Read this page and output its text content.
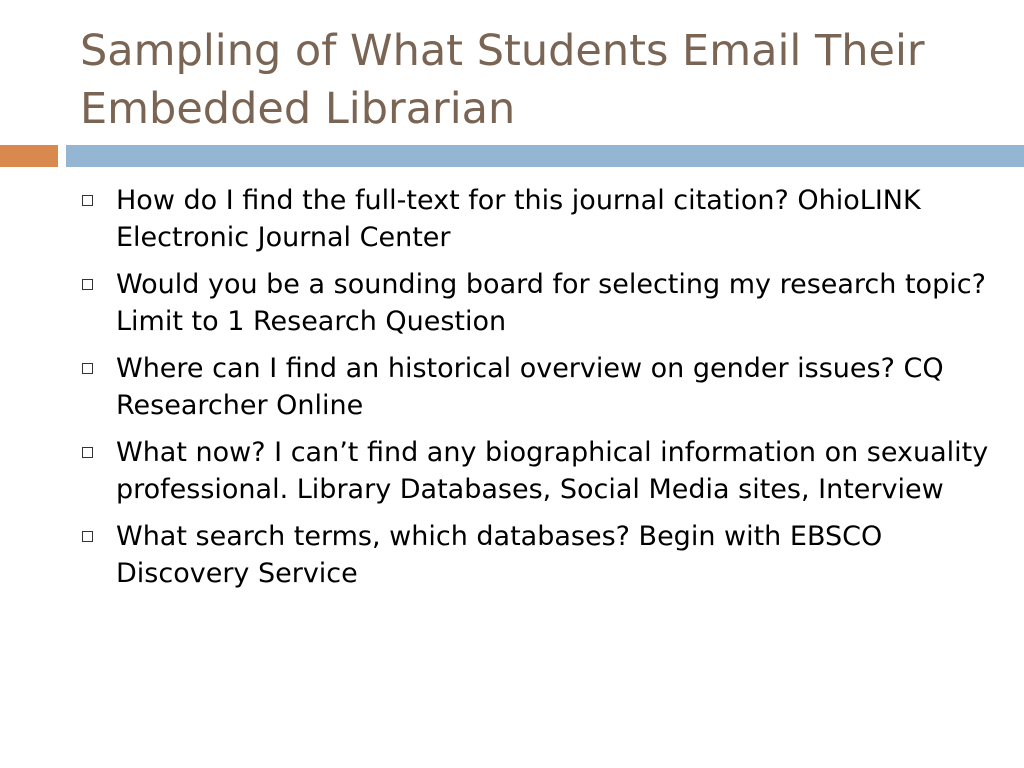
Sampling of What Students Email Their Embedded Librarian
How do I find the full-text for this journal citation? OhioLINK Electronic Journal Center
Would you be a sounding board for selecting my research topic? Limit to 1 Research Question
Where can I find an historical overview on gender issues? CQ Researcher Online
What now? I can’t find any biographical information on sexuality professional. Library Databases, Social Media sites, Interview
What search terms, which databases? Begin with EBSCO Discovery Service
